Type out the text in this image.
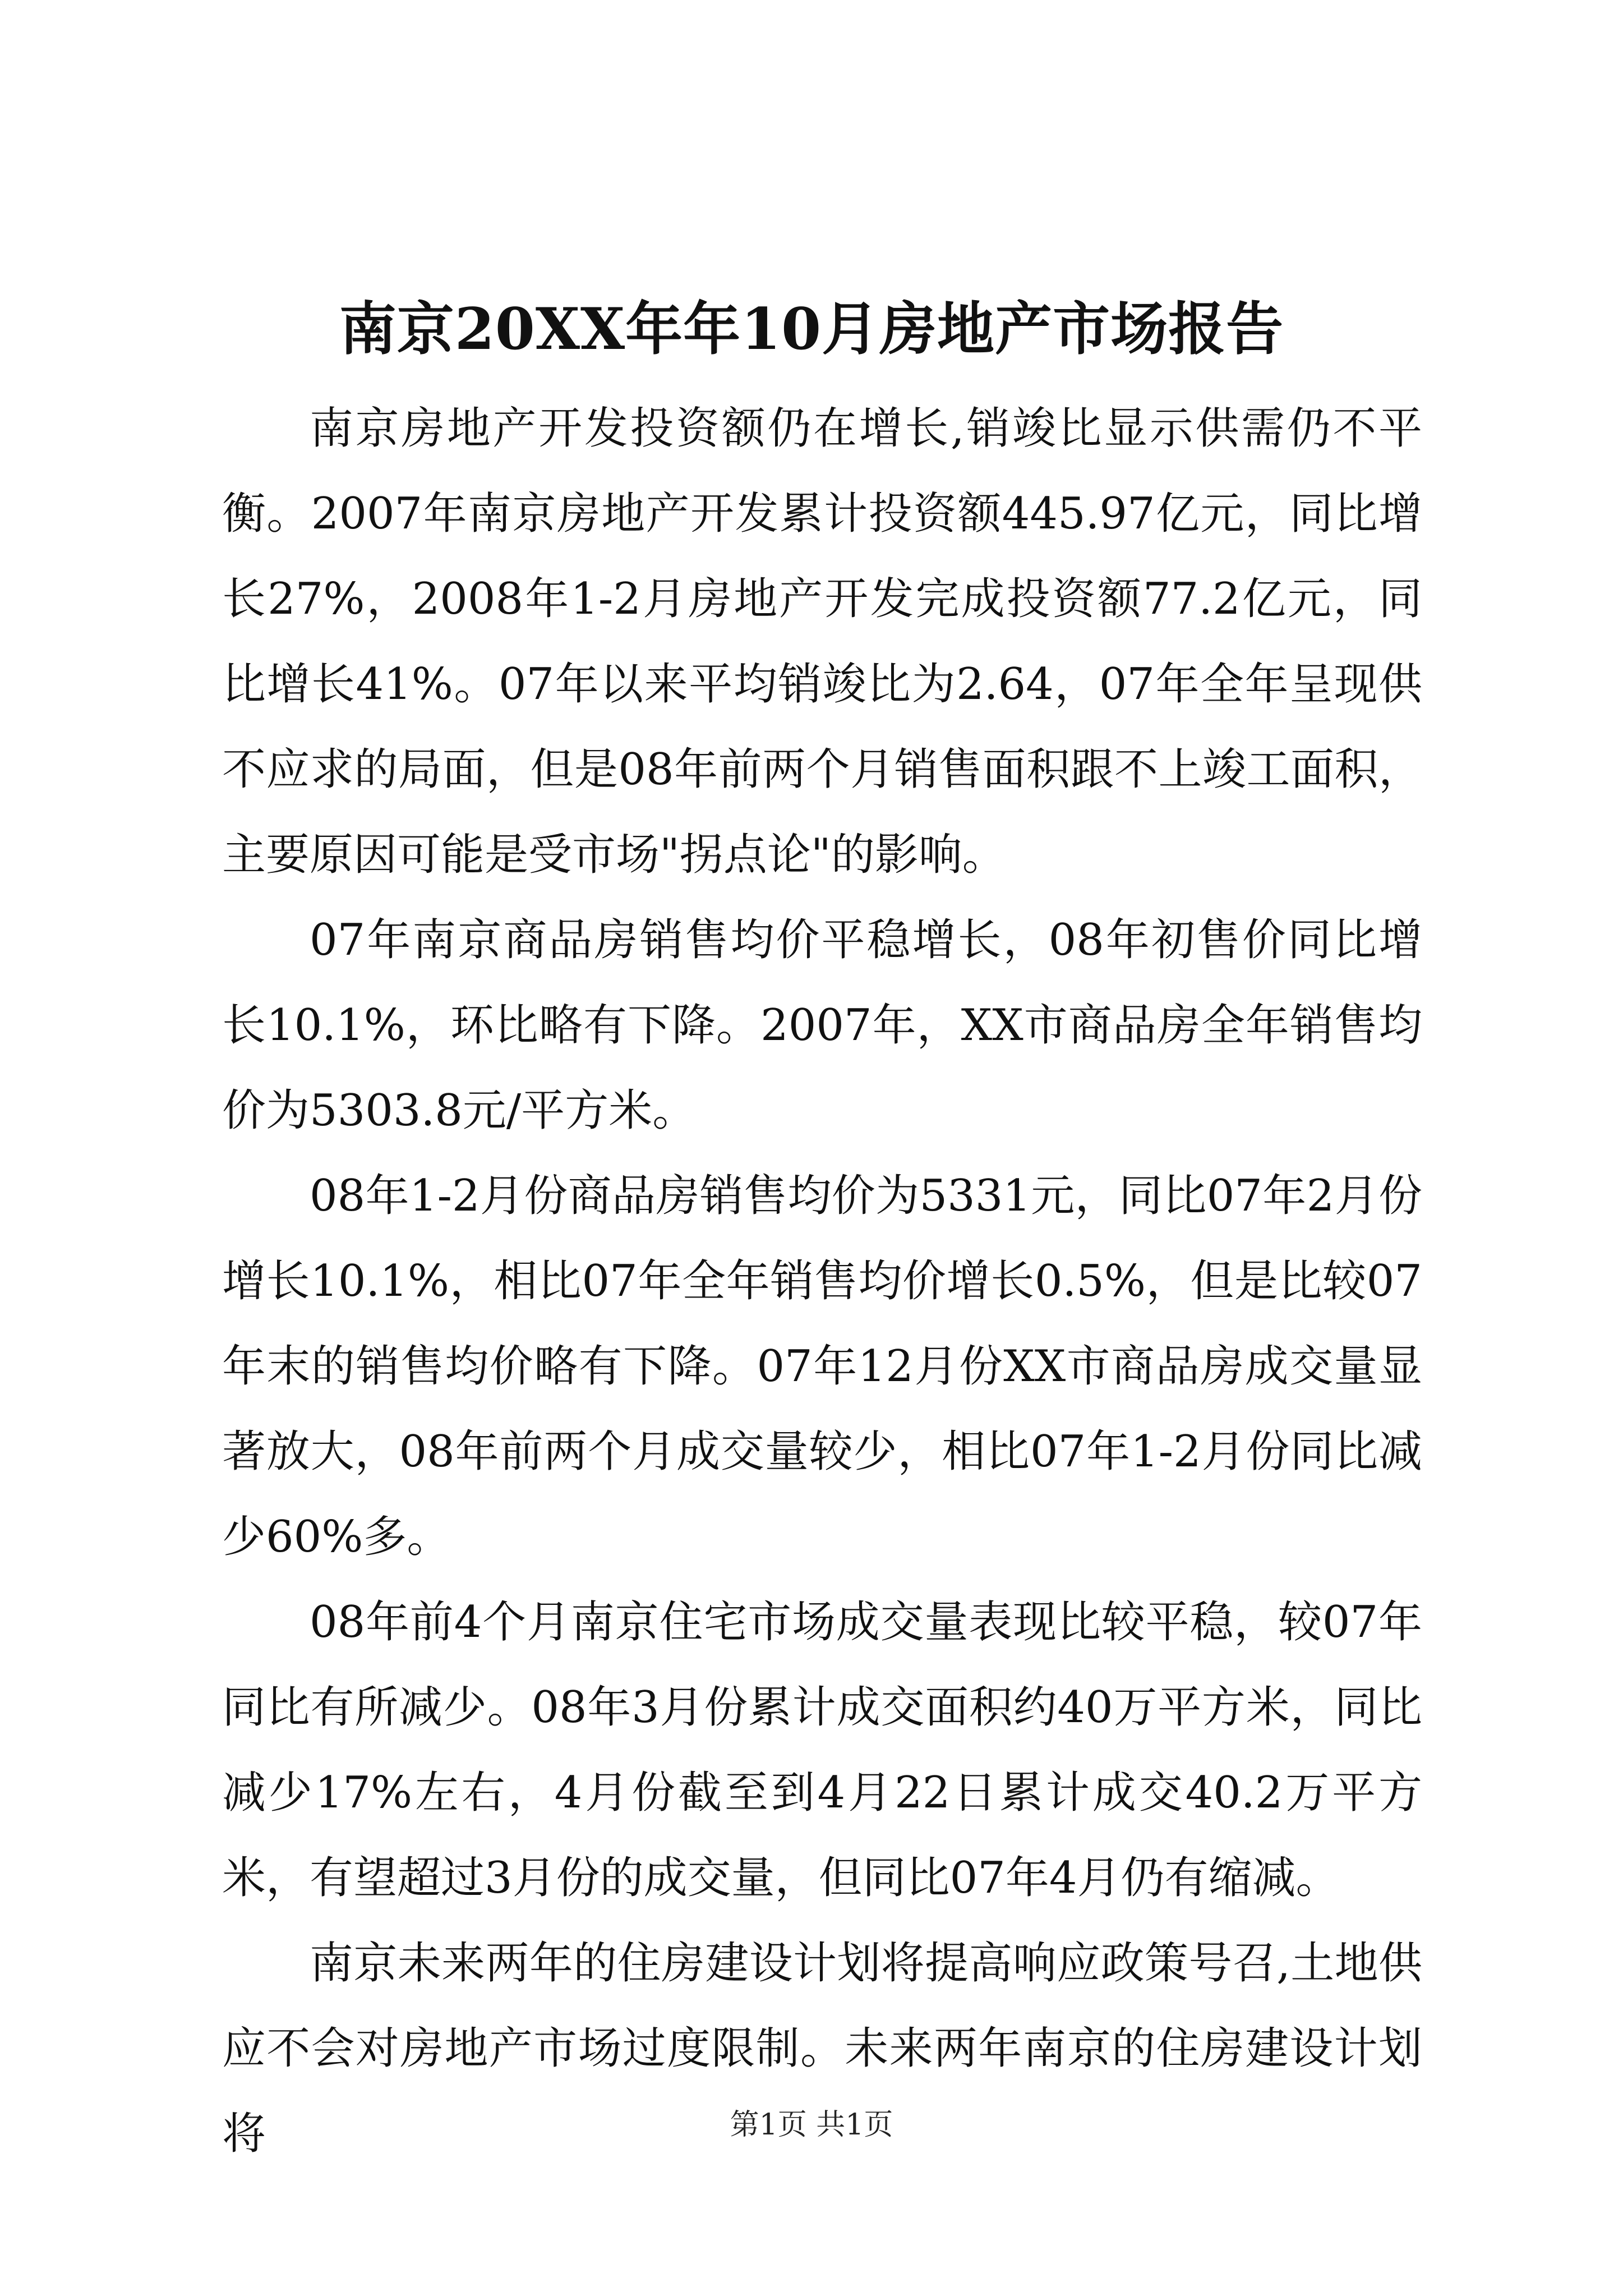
南京20XX年年10月房地产市场报告

南京房地产开发投资额仍在增长,销竣比显示供需仍不平衡。2007年南京房地产开发累计投资额445.97亿元，同比增长27%，2008年1-2月房地产开发完成投资额77.2亿元，同比增长41%。07年以来平均销竣比为2.64，07年全年呈现供不应求的局面，但是08年前两个月销售面积跟不上竣工面积，主要原因可能是受市场"拐点论"的影响。

07年南京商品房销售均价平稳增长，08年初售价同比增长10.1%，环比略有下降。2007年，XX市商品房全年销售均价为5303.8元/平方米。

08年1-2月份商品房销售均价为5331元，同比07年2月份增长10.1%，相比07年全年销售均价增长0.5%，但是比较07年末的销售均价略有下降。07年12月份XX市商品房成交量显著放大，08年前两个月成交量较少，相比07年1-2月份同比减少60%多。

08年前4个月南京住宅市场成交量表现比较平稳，较07年同比有所减少。08年3月份累计成交面积约40万平方米，同比减少17%左右，4月份截至到4月22日累计成交40.2万平方米，有望超过3月份的成交量，但同比07年4月仍有缩减。

南京未来两年的住房建设计划将提高响应政策号召,土地供应不会对房地产市场过度限制。未来两年南京的住房建设计划将	第1页 共1页
